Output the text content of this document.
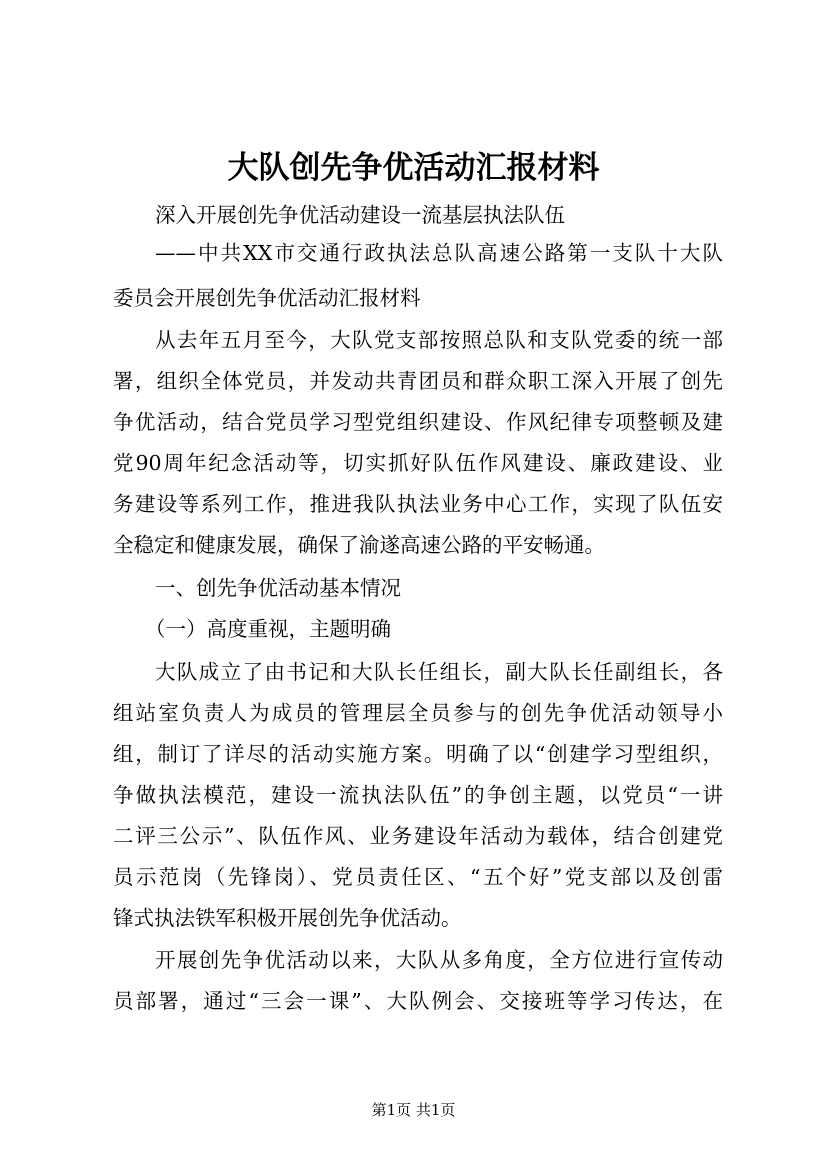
大队创先争优活动汇报材料

深入开展创先争优活动建设一流基层执法队伍

——中共XX市交通行政执法总队高速公路第一支队十大队

委员会开展创先争优活动汇报材料

从去年五月至今，大队党支部按照总队和支队党委的统一部

署，组织全体党员，并发动共青团员和群众职工深入开展了创先

争优活动，结合党员学习型党组织建设、作风纪律专项整顿及建

党90周年纪念活动等，切实抓好队伍作风建设、廉政建设、业

务建设等系列工作，推进我队执法业务中心工作，实现了队伍安

全稳定和健康发展，确保了渝遂高速公路的平安畅通。

一、创先争优活动基本情况

（一）高度重视，主题明确

大队成立了由书记和大队长任组长，副大队长任副组长，各

组站室负责人为成员的管理层全员参与的创先争优活动领导小

组，制订了详尽的活动实施方案。明确了以“创建学习型组织，

争做执法模范，建设一流执法队伍”的争创主题，以党员“一讲

二评三公示”、队伍作风、业务建设年活动为载体，结合创建党

员示范岗（先锋岗）、党员责任区、“五个好”党支部以及创雷

锋式执法铁军积极开展创先争优活动。

开展创先争优活动以来，大队从多角度，全方位进行宣传动

员部署，通过“三会一课”、大队例会、交接班等学习传达，在

第1页 共1页
